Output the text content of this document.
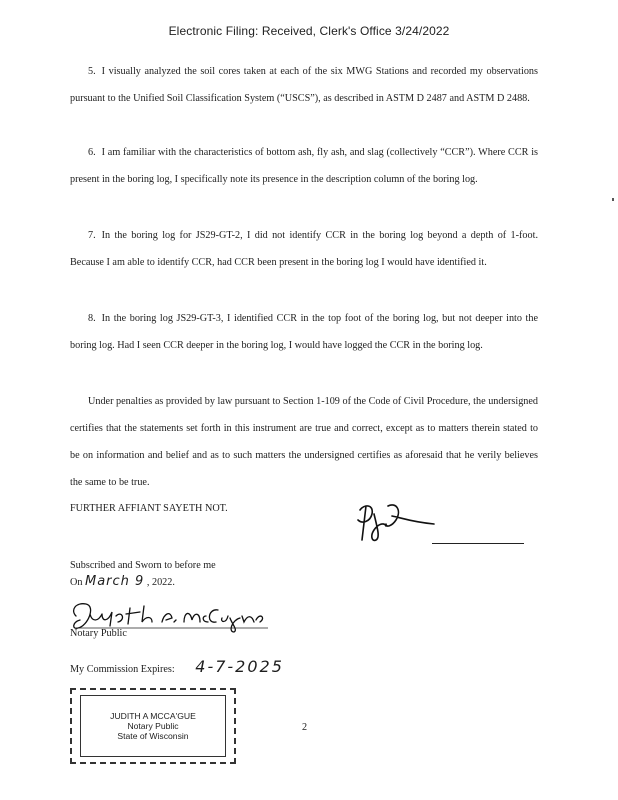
Electronic Filing: Received, Clerk's Office 3/24/2022
5. I visually analyzed the soil cores taken at each of the six MWG Stations and recorded my observations pursuant to the Unified Soil Classification System (“USCS”), as described in ASTM D 2487 and ASTM D 2488.
6. I am familiar with the characteristics of bottom ash, fly ash, and slag (collectively “CCR”). Where CCR is present in the boring log, I specifically note its presence in the description column of the boring log.
7. In the boring log for JS29-GT-2, I did not identify CCR in the boring log beyond a depth of 1-foot. Because I am able to identify CCR, had CCR been present in the boring log I would have identified it.
8. In the boring log JS29-GT-3, I identified CCR in the top foot of the boring log, but not deeper into the boring log. Had I seen CCR deeper in the boring log, I would have logged the CCR in the boring log.
Under penalties as provided by law pursuant to Section 1-109 of the Code of Civil Procedure, the undersigned certifies that the statements set forth in this instrument are true and correct, except as to matters therein stated to be on information and belief and as to such matters the undersigned certifies as aforesaid that he verily believes the same to be true.
FURTHER AFFIANT SAYETH NOT.
Subscribed and Sworn to before me
On March 9 , 2022.
Notary Public
My Commission Expires: 4-7-2025
JUDITH A MCCA'GUE
Notary Public
State of Wisconsin
2
